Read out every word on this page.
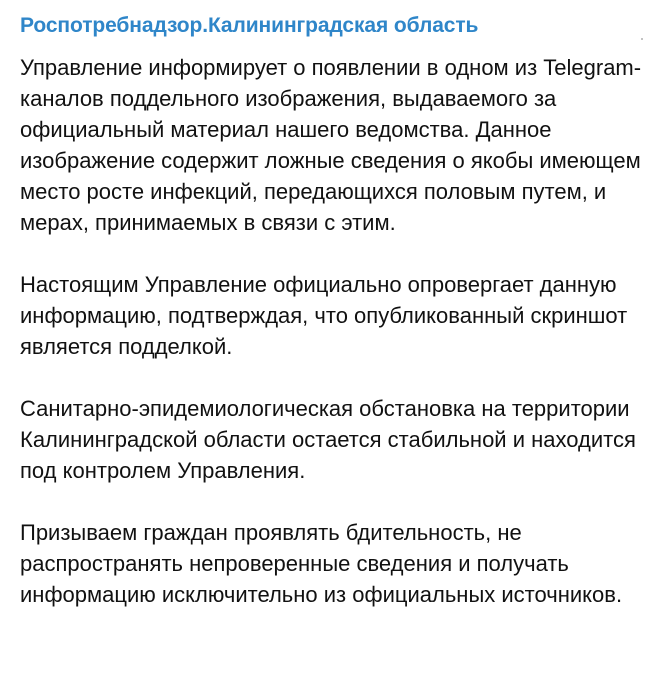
Роспотребнадзор.Калининградская область

Управление информирует о появлении в одном из Telegram-каналов поддельного изображения, выдаваемого за официальный материал нашего ведомства. Данное изображение содержит ложные сведения о якобы имеющем место росте инфекций, передающихся половым путем, и мерах, принимаемых в связи с этим.

Настоящим Управление официально опровергает данную информацию, подтверждая, что опубликованный скриншот является подделкой.

Санитарно-эпидемиологическая обстановка на территории Калининградской области остается стабильной и находится под контролем Управления.

Призываем граждан проявлять бдительность, не распространять непроверенные сведения и получать информацию исключительно из официальных источников.
